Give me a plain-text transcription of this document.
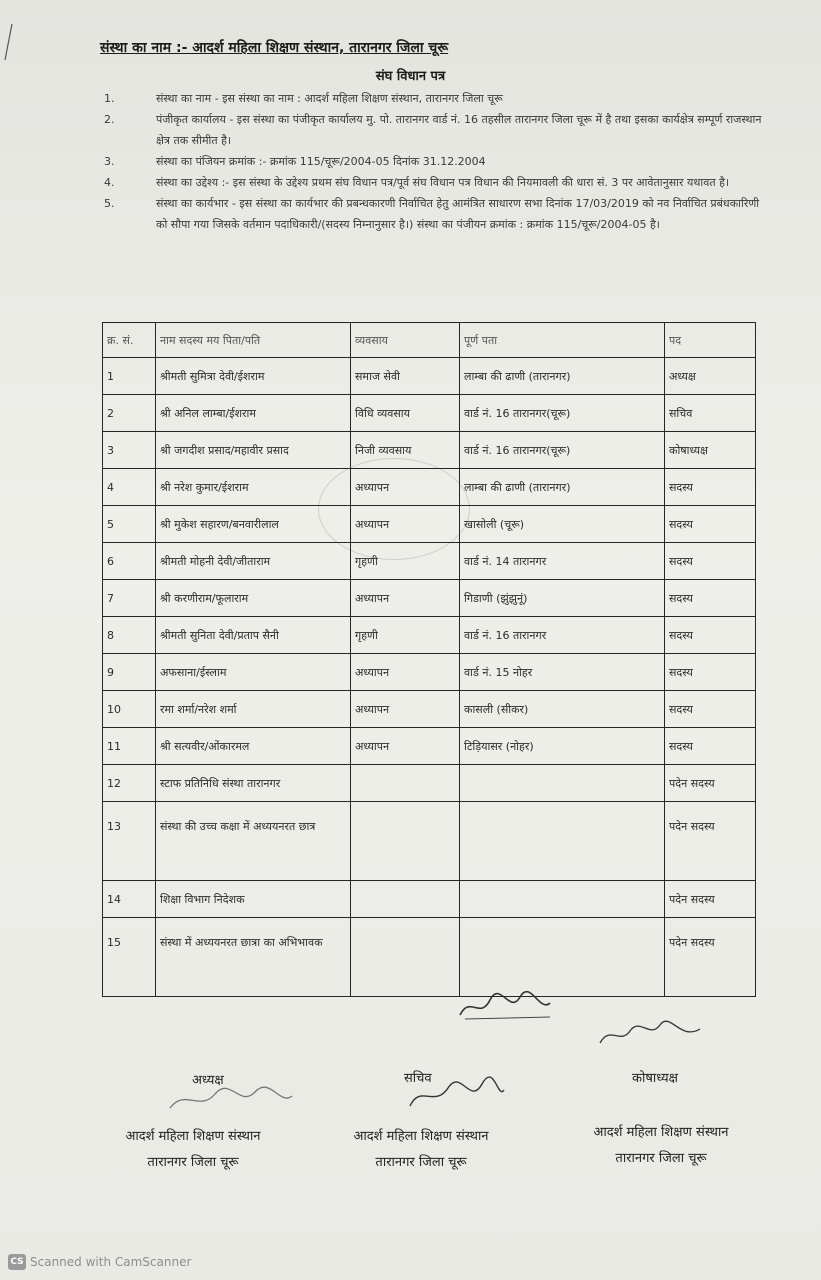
संस्था का नाम :- आदर्श महिला शिक्षण संस्थान, तारानगर जिला चूरू
संघ विधान पत्र
1.	संस्था का नाम - इस संस्था का नाम : आदर्श महिला शिक्षण संस्थान, तारानगर जिला चूरू
2.	पंजीकृत कार्यालय - इस संस्था का पंजीकृत कार्यालय मु. पो. तारानगर वार्ड नं. 16 तहसील तारानगर जिला चूरू में है तथा इसका कार्यक्षेत्र सम्पूर्ण राजस्थान क्षेत्र तक सीमीत है।
3.	संस्था का पंजियन क्रमांक :- क्रमांक 115/चूरू/2004-05 दिनांक 31.12.2004
4.	संस्था का उद्देश्य :- इस संस्था के उद्देश्य प्रथम संघ विधान पत्र/पूर्व संघ विधान पत्र विधान की नियमावली की धारा सं. 3 पर आवेतानुसार यथावत है।
5.	संस्था का कार्यभार - इस संस्था का कार्यभार की प्रबन्धकारणी निर्वाचित हेतु आमंत्रित साधारण सभा दिनांक 17/03/2019 को नव निर्वाचित प्रबंधकारिणी को सौपा गया जिसके वर्तमान पदाधिकारी/(सदस्य निम्नानुसार है।) संस्था का पंजीयन क्रमांक : क्रमांक 115/चूरू/2004-05 है।
क्र. सं.	नाम सदस्य मय पिता/पति	व्यवसाय	पूर्ण पता	पद
1	श्रीमती सुमित्रा देवी/ईशराम	समाज सेवी	लाम्बा की ढाणी (तारानगर)	अध्यक्ष
2	श्री अनिल लाम्बा/ईशराम	विधि व्यवसाय	वार्ड नं. 16 तारानगर(चूरू)	सचिव
3	श्री जगदीश प्रसाद/महावीर प्रसाद	निजी व्यवसाय	वार्ड नं. 16 तारानगर(चूरू)	कोषाध्यक्ष
4	श्री नरेश कुमार/ईशराम	अध्यापन	लाम्बा की ढाणी (तारानगर)	सदस्य
5	श्री मुकेश सहारण/बनवारीलाल	अध्यापन	खासोली (चूरू)	सदस्य
6	श्रीमती मोहनी देवी/जीताराम	गृहणी	वार्ड नं. 14 तारानगर	सदस्य
7	श्री करणीराम/फूलाराम	अध्यापन	गिडाणी (झुंझुनूं)	सदस्य
8	श्रीमती सुनिता देवी/प्रताप सैनी	गृहणी	वार्ड नं. 16 तारानगर	सदस्य
9	अफसाना/ईस्लाम	अध्यापन	वार्ड नं. 15 नोहर	सदस्य
10	रमा शर्मा/नरेश शर्मा	अध्यापन	कासली (सीकर)	सदस्य
11	श्री सत्यवीर/ओंकारमल	अध्यापन	टिड़ियासर (नोहर)	सदस्य
12	स्टाफ प्रतिनिधि संस्था तारानगर			पदेन सदस्य
13	संस्था की उच्च कक्षा में अध्ययनरत छात्र			पदेन सदस्य
14	शिक्षा विभाग निदेशक			पदेन सदस्य
15	संस्था में अध्ययनरत छात्रा का अभिभावक			पदेन सदस्य
अध्यक्ष	सचिव	कोषाध्यक्ष
आदर्श महिला शिक्षण संस्थान
तारानगर जिला चूरू
आदर्श महिला शिक्षण संस्थान
तारानगर जिला चूरू
आदर्श महिला शिक्षण संस्थान
तारानगर जिला चूरू
CS Scanned with CamScanner
